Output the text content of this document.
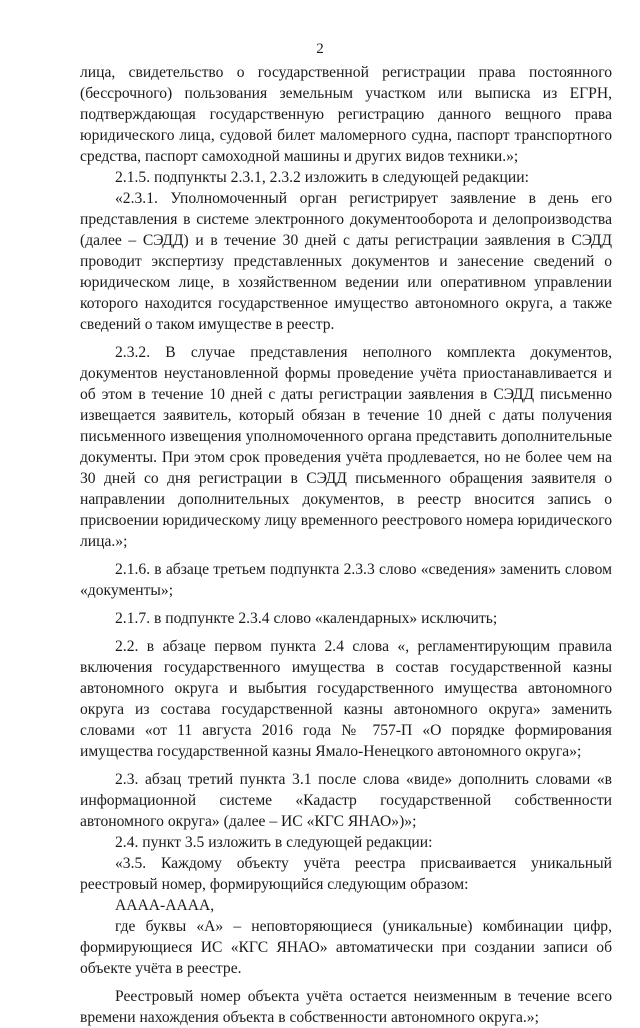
2

лица, свидетельство о государственной регистрации права постоянного (бессрочного) пользования земельным участком или выписка из ЕГРН, подтверждающая государственную регистрацию данного вещного права юридического лица, судовой билет маломерного судна, паспорт транспортного средства, паспорт самоходной машины и других видов техники.»;

2.1.5. подпункты 2.3.1, 2.3.2 изложить в следующей редакции:

«2.3.1. Уполномоченный орган регистрирует заявление в день его представления в системе электронного документооборота и делопроизводства (далее – СЭДД) и в течение 30 дней с даты регистрации заявления в СЭДД проводит экспертизу представленных документов и занесение сведений о юридическом лице, в хозяйственном ведении или оперативном управлении которого находится государственное имущество автономного округа, а также сведений о таком имуществе в реестр.

2.3.2. В случае представления неполного комплекта документов, документов неустановленной формы проведение учёта приостанавливается и об этом в течение 10 дней с даты регистрации заявления в СЭДД письменно извещается заявитель, который обязан в течение 10 дней с даты получения письменного извещения уполномоченного органа представить дополнительные документы. При этом срок проведения учёта продлевается, но не более чем на 30 дней со дня регистрации в СЭДД письменного обращения заявителя о направлении дополнительных документов, в реестр вносится запись о присвоении юридическому лицу временного реестрового номера юридического лица.»;

2.1.6. в абзаце третьем подпункта 2.3.3 слово «сведения» заменить словом «документы»;

2.1.7. в подпункте 2.3.4 слово «календарных» исключить;

2.2. в абзаце первом пункта 2.4 слова «, регламентирующим правила включения государственного имущества в состав государственной казны автономного округа и выбытия государственного имущества автономного округа из состава государственной казны автономного округа» заменить словами «от 11 августа 2016 года № 757-П «О порядке формирования имущества государственной казны Ямало-Ненецкого автономного округа»;

2.3. абзац третий пункта 3.1 после слова «виде» дополнить словами «в информационной системе «Кадастр государственной собственности автономного округа» (далее – ИС «КГС ЯНАО»)»;

2.4. пункт 3.5 изложить в следующей редакции:

«3.5. Каждому объекту учёта реестра присваивается уникальный реестровый номер, формирующийся следующим образом:

АААА-АААА,

где буквы «А» – неповторяющиеся (уникальные) комбинации цифр, формирующиеся ИС «КГС ЯНАО» автоматически при создании записи об объекте учёта в реестре.

Реестровый номер объекта учёта остается неизменным в течение всего времени нахождения объекта в собственности автономного округа.»;
